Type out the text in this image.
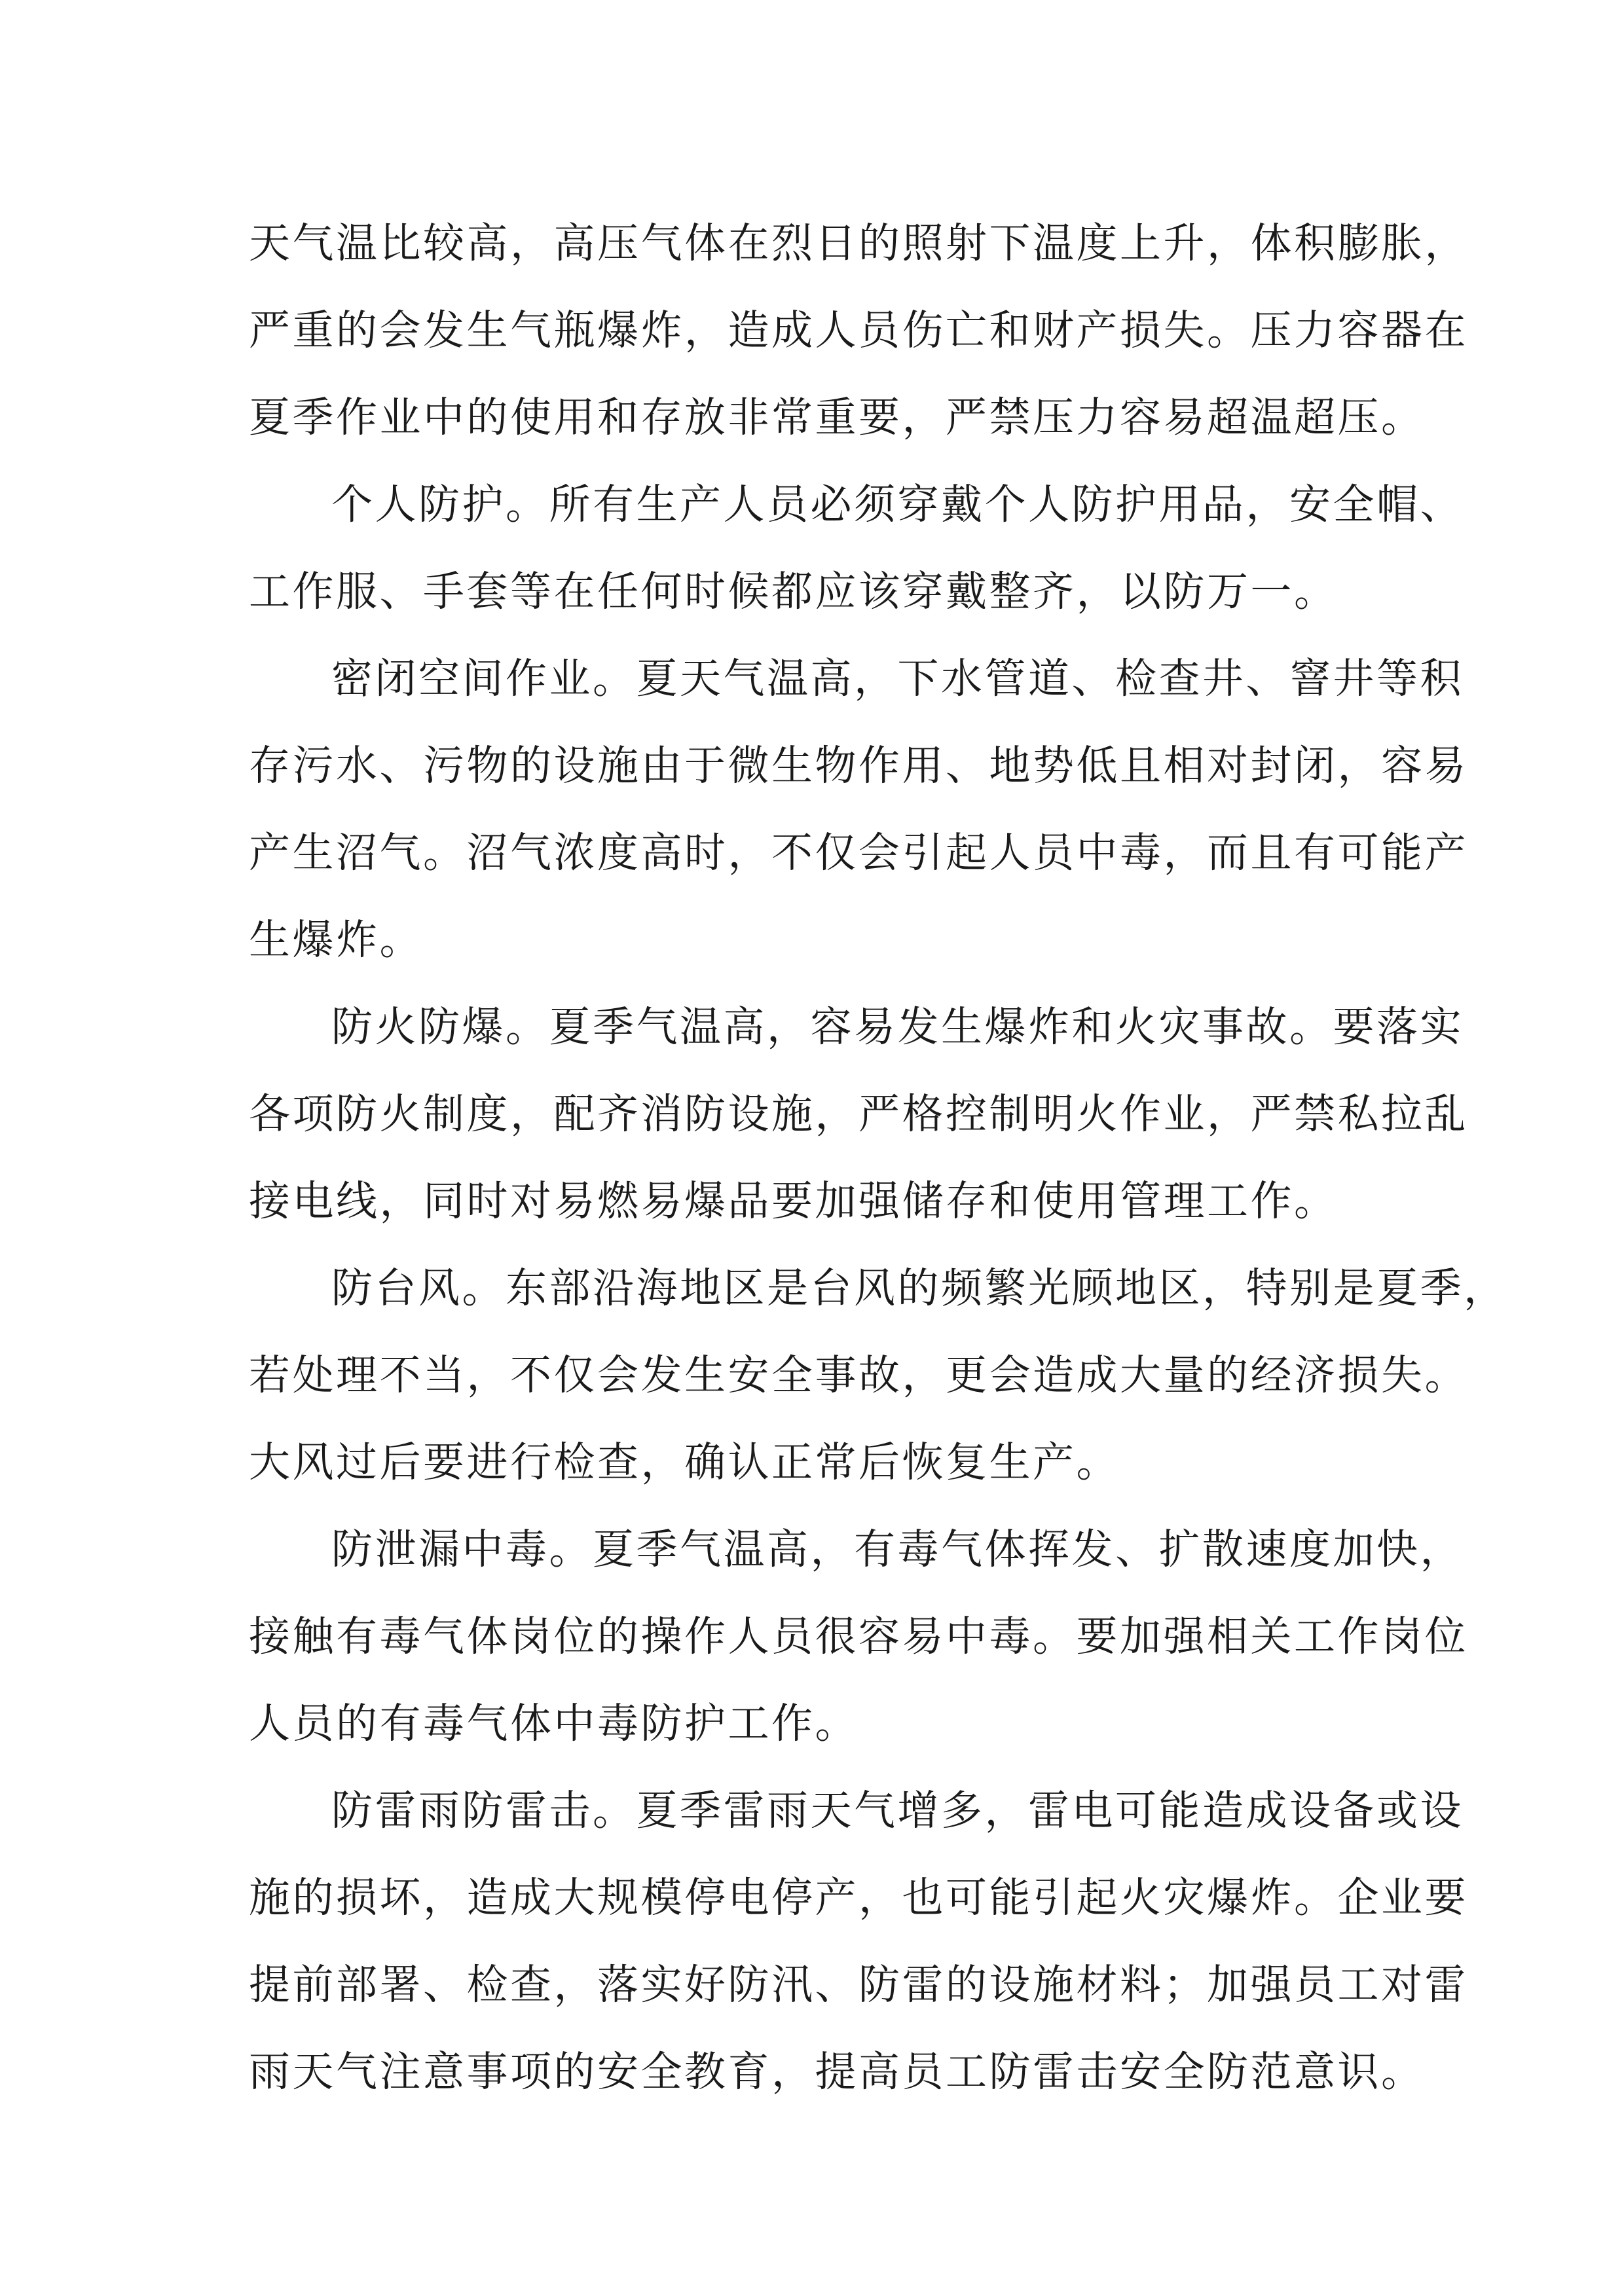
天气温比较高，高压气体在烈日的照射下温度上升，体积膨胀，
严重的会发生气瓶爆炸，造成人员伤亡和财产损失。压力容器在
夏季作业中的使用和存放非常重要，严禁压力容易超温超压。
个人防护。所有生产人员必须穿戴个人防护用品，安全帽、
工作服、手套等在任何时候都应该穿戴整齐，以防万一。
密闭空间作业。夏天气温高，下水管道、检查井、窨井等积
存污水、污物的设施由于微生物作用、地势低且相对封闭，容易
产生沼气。沼气浓度高时，不仅会引起人员中毒，而且有可能产
生爆炸。
防火防爆。夏季气温高，容易发生爆炸和火灾事故。要落实
各项防火制度，配齐消防设施，严格控制明火作业，严禁私拉乱
接电线，同时对易燃易爆品要加强储存和使用管理工作。
防台风。东部沿海地区是台风的频繁光顾地区，特别是夏季，
若处理不当，不仅会发生安全事故，更会造成大量的经济损失。
大风过后要进行检查，确认正常后恢复生产。
防泄漏中毒。夏季气温高，有毒气体挥发、扩散速度加快，
接触有毒气体岗位的操作人员很容易中毒。要加强相关工作岗位
人员的有毒气体中毒防护工作。
防雷雨防雷击。夏季雷雨天气增多，雷电可能造成设备或设
施的损坏，造成大规模停电停产，也可能引起火灾爆炸。企业要
提前部署、检查，落实好防汛、防雷的设施材料；加强员工对雷
雨天气注意事项的安全教育，提高员工防雷击安全防范意识。
